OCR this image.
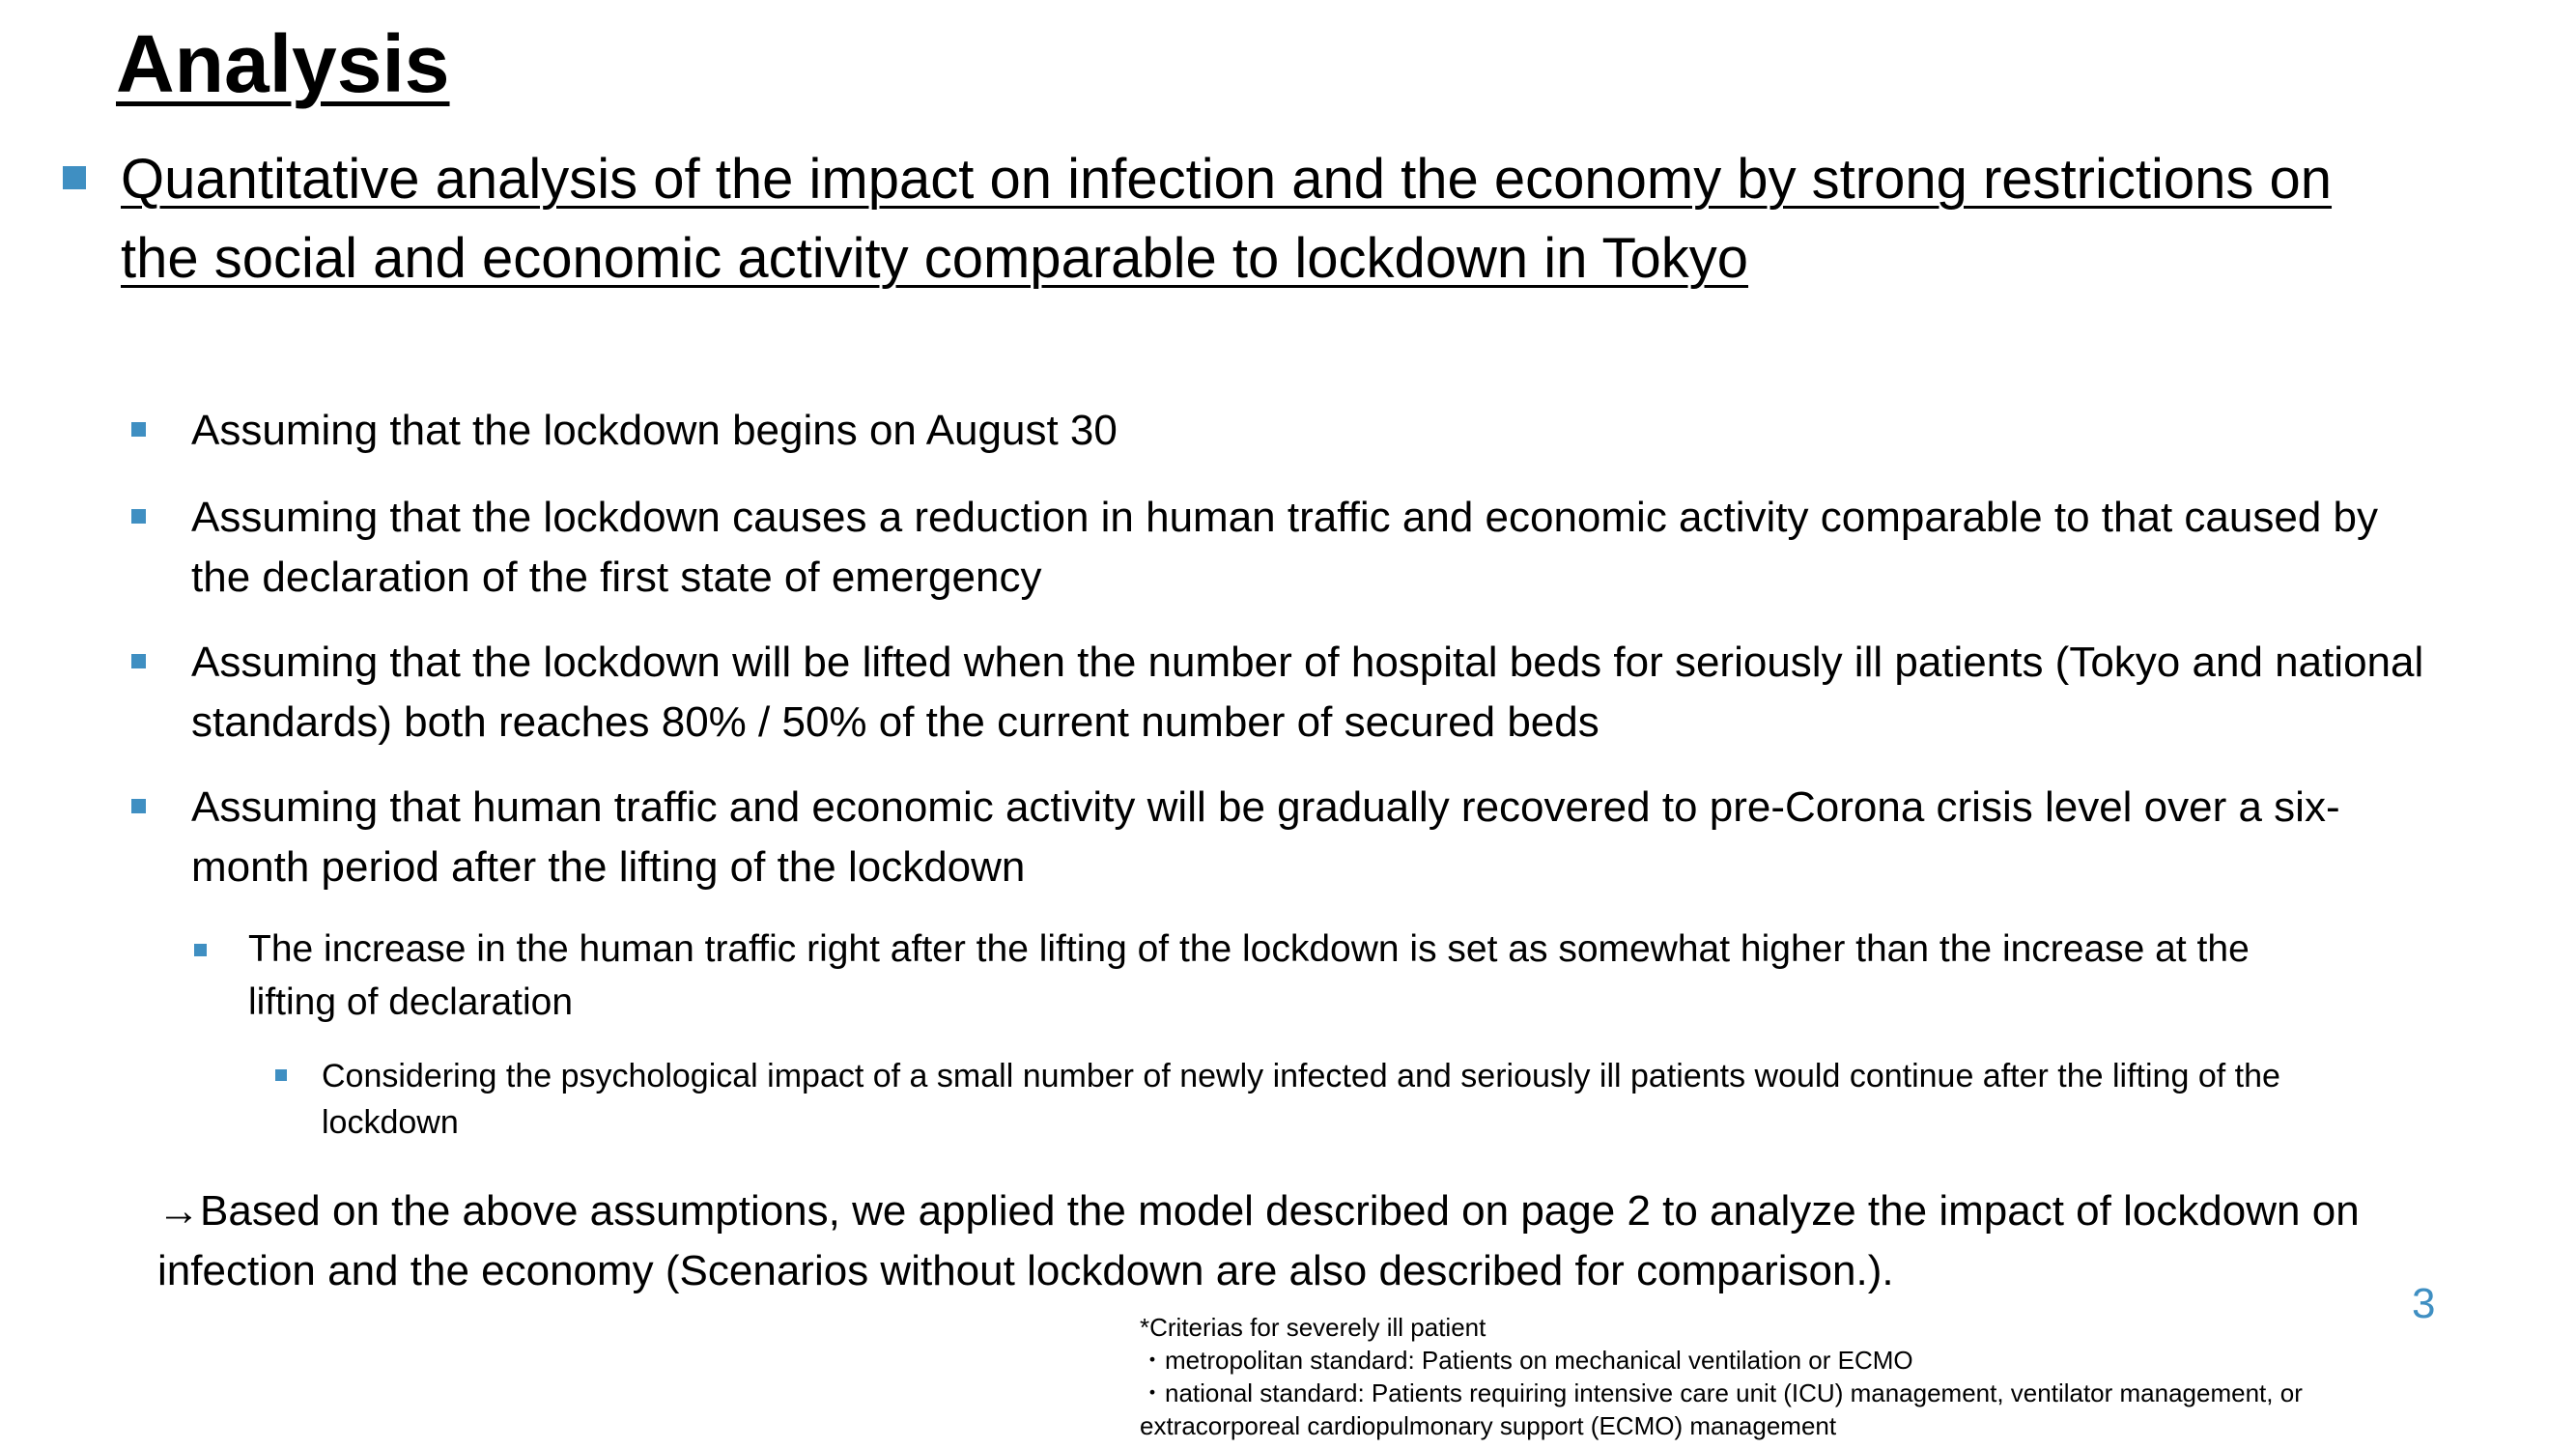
Analysis
Quantitative analysis of the impact on infection and the economy by strong restrictions on the social and economic activity comparable to lockdown in Tokyo
Assuming that the lockdown begins on August 30
Assuming that the lockdown causes a reduction in human traffic and economic activity comparable to that caused by the declaration of the first state of emergency
Assuming that the lockdown will be lifted when the number of hospital beds for seriously ill patients (Tokyo and national standards) both reaches 80% / 50% of the current number of secured beds
Assuming that human traffic and economic activity will be gradually recovered to pre-Corona crisis level over a six-month period after the lifting of the lockdown
The increase in the human traffic right after the lifting of the lockdown is set as somewhat higher than the increase at the lifting of declaration
Considering the psychological impact of a small number of newly infected and seriously ill patients would continue after the lifting of the lockdown
→Based on the above assumptions, we applied the model described on page 2 to analyze the impact of lockdown on infection and the economy (Scenarios without lockdown are also described for comparison.).
*Criterias for severely ill patient
・metropolitan standard: Patients on mechanical ventilation or ECMO
・national standard: Patients requiring intensive care unit (ICU) management, ventilator management, or
extracorporeal cardiopulmonary support (ECMO) management
3
